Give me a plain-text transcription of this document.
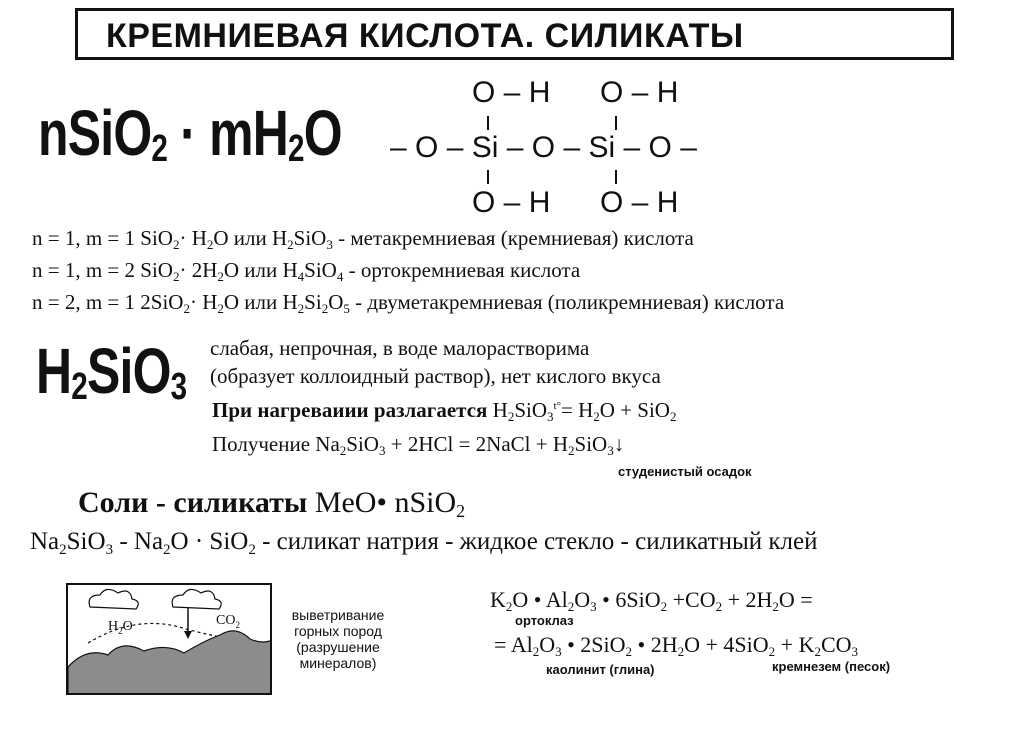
КРЕМНИЕВАЯ КИСЛОТА. СИЛИКАТЫ
nSiO$_2$ · $mH_2O$
O – H O – H
– O – Si – O – Si – O –
O – H O – H
n = 1, m = 1 $SiO_2\cdot H_2O$ или $H_2SiO_3$ - метакремниевая (кремниевая) кислота
n = 1, m = 2 $SiO_2\cdot 2H_2O$ или $H_4SiO_4$ - ортокремниевая кислота
n = 2, m = 1 $2SiO_2\cdot H_2O$ или $H_2Si_2O_5$ - двуметакремниевая (поликремниевая) кислота
$H_2SiO_3$
слабая, непрочная, в воде малорастворима
(образует коллоидный раствор), нет кислого вкуса
При нагреваиии разлагается $H_2SiO_3^{t^\circ}= H_2O + SiO_2$
Получение $Na_2SiO_3 + 2HCl$ = 2NaCl + $H_2SiO_3↓$
студенистый осадок
Соли - силикаты MeO• nSiO$_2$
$Na_2SiO_3 - Na_2O \cdot SiO_2$ - силикат натрия - жидкое стекло - силикатный клей
$H_2O$	$CO_2$
выветривание
горных пород
(разрушение
минералов)
$K_2O$ • $Al_2O_3$ • $6SiO_2 +CO_2 + 2H_2O$ =
ортоклаз
= $Al_2O_3$ • 2SiO$_2$ • $2H_2O + 4SiO_2 + K_2CO_3$
каолинит (глина)	кремнезем (песок)
